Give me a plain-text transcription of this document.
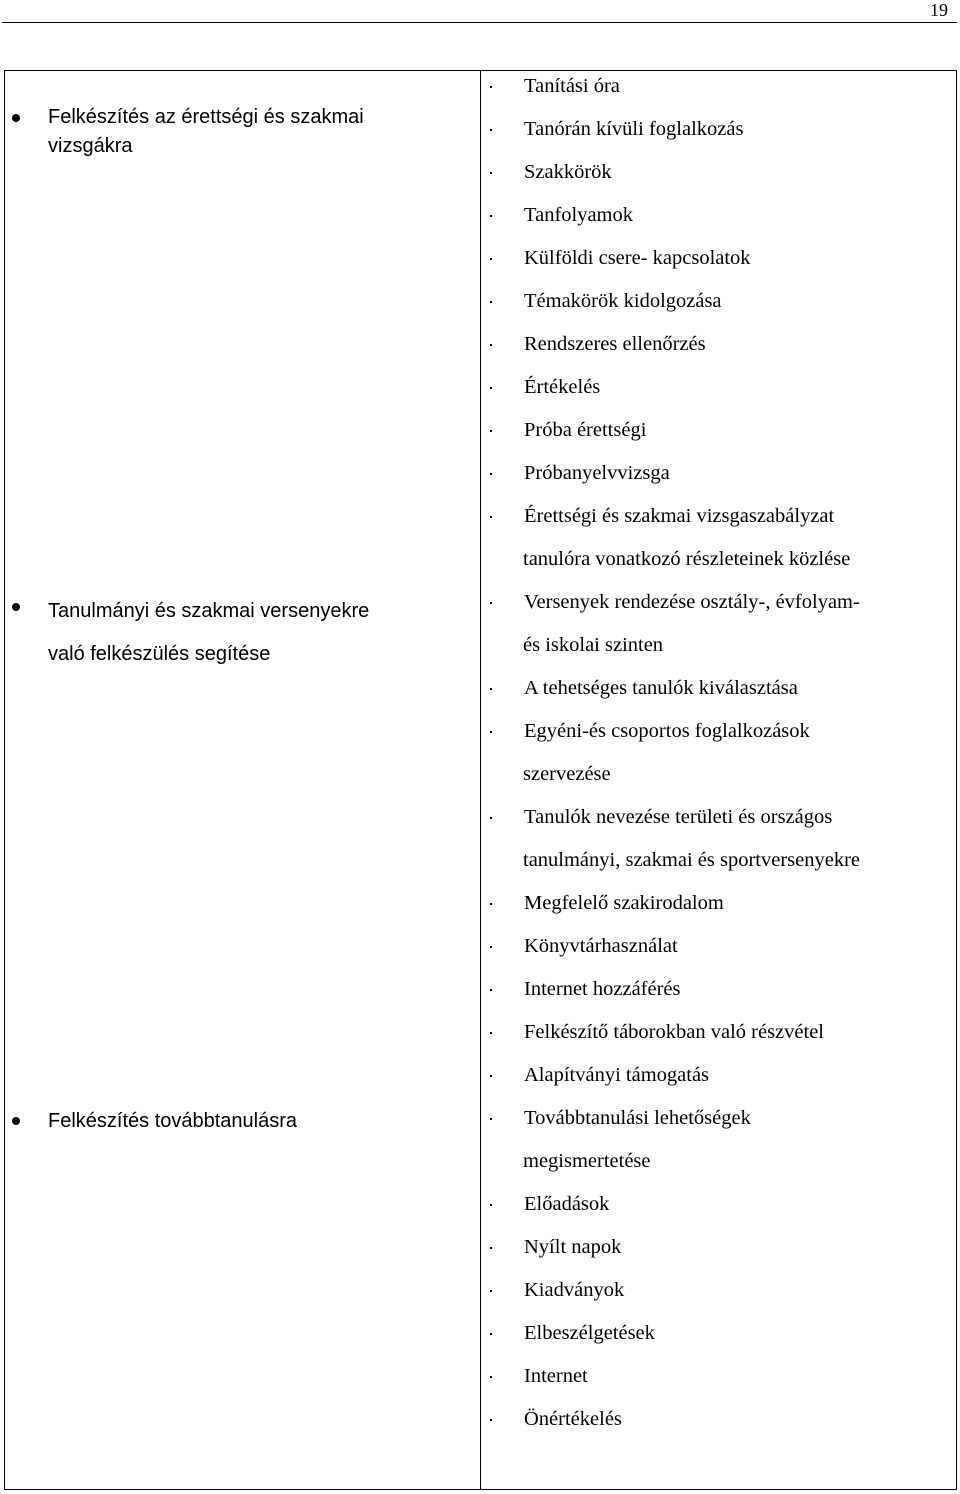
19
Felkészítés az érettségi és szakmai
vizsgákra
Tanulmányi és szakmai versenyekre
való felkészülés segítése
Felkészítés továbbtanulásra
Tanítási óra
Tanórán kívüli foglalkozás
Szakkörök
Tanfolyamok
Külföldi csere- kapcsolatok
Témakörök kidolgozása
Rendszeres ellenőrzés
Értékelés
Próba érettségi
Próbanyelvvizsga
Érettségi és szakmai vizsgaszabályzat
tanulóra vonatkozó részleteinek közlése
Versenyek rendezése osztály-, évfolyam-
és iskolai szinten
A tehetséges tanulók kiválasztása
Egyéni-és csoportos foglalkozások
szervezése
Tanulók nevezése területi és országos
tanulmányi, szakmai és sportversenyekre
Megfelelő szakirodalom
Könyvtárhasználat
Internet hozzáférés
Felkészítő táborokban való részvétel
Alapítványi támogatás
Továbbtanulási lehetőségek
megismertetése
Előadások
Nyílt napok
Kiadványok
Elbeszélgetések
Internet
Önértékelés
